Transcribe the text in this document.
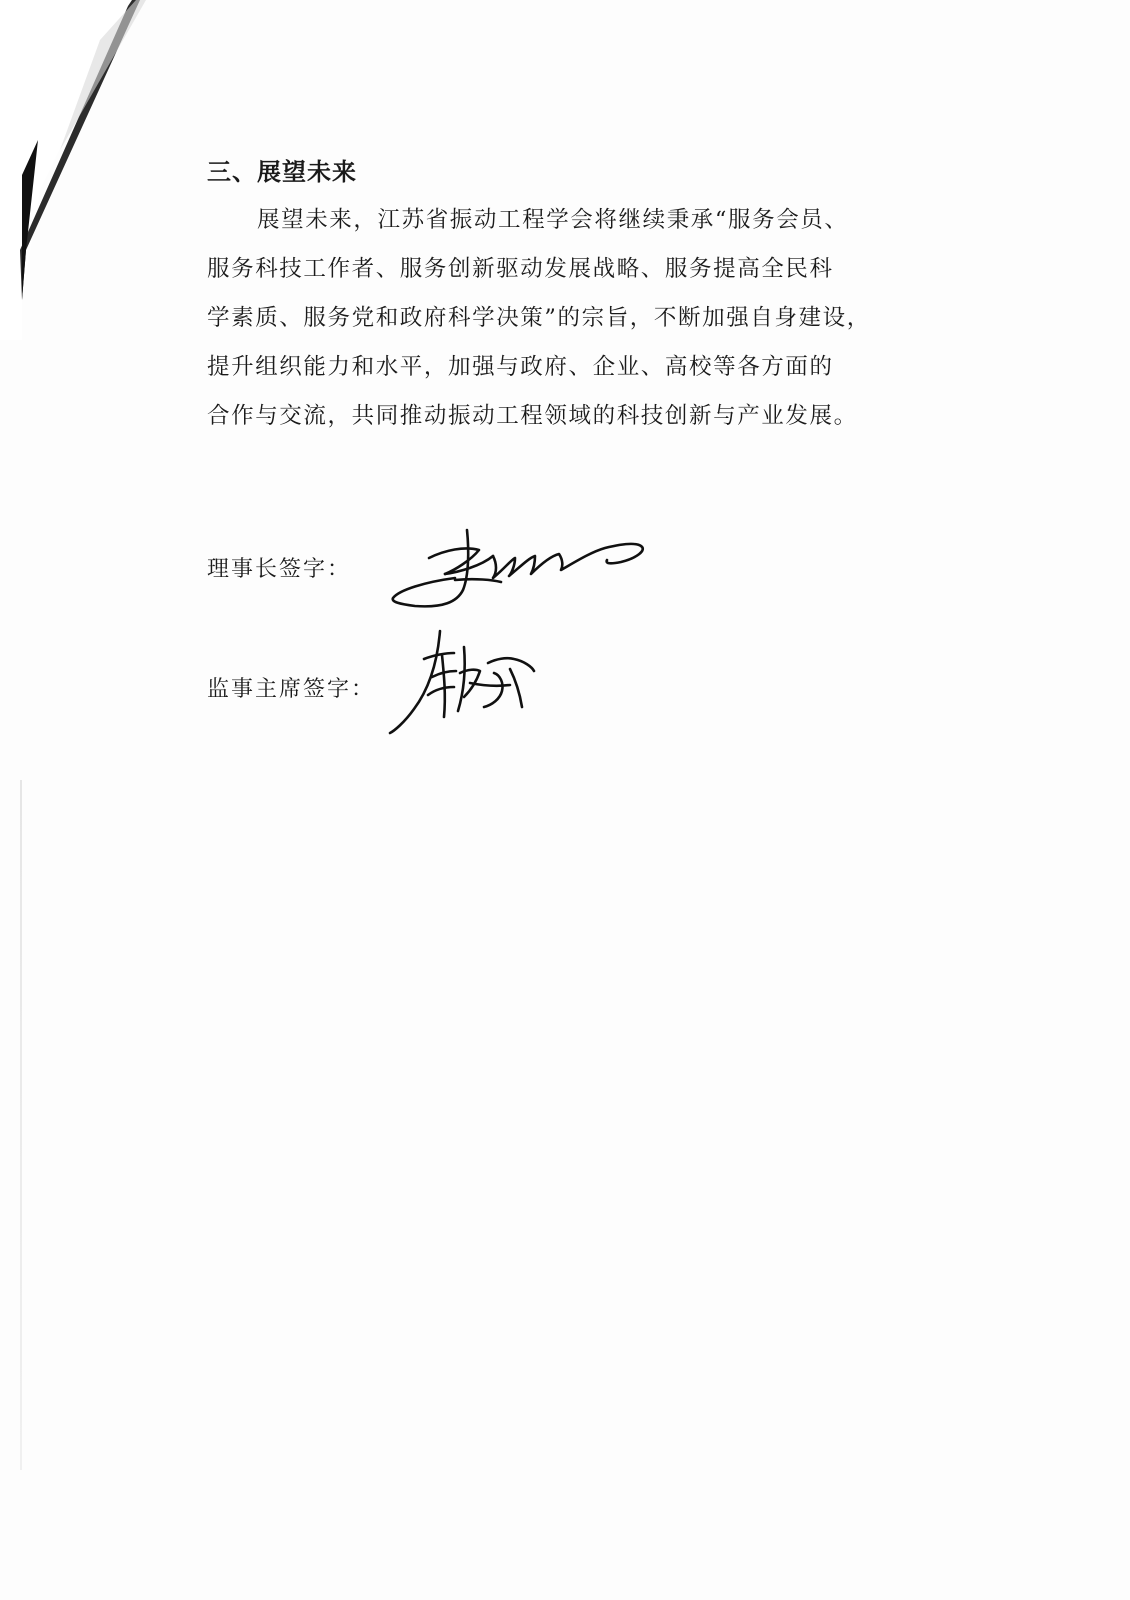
三、展望未来
展望未来，江苏省振动工程学会将继续秉承“服务会员、
服务科技工作者、服务创新驱动发展战略、服务提高全民科
学素质、服务党和政府科学决策”的宗旨，不断加强自身建设，
提升组织能力和水平，加强与政府、企业、高校等各方面的
合作与交流，共同推动振动工程领域的科技创新与产业发展。
理事长签字：
监事主席签字：
